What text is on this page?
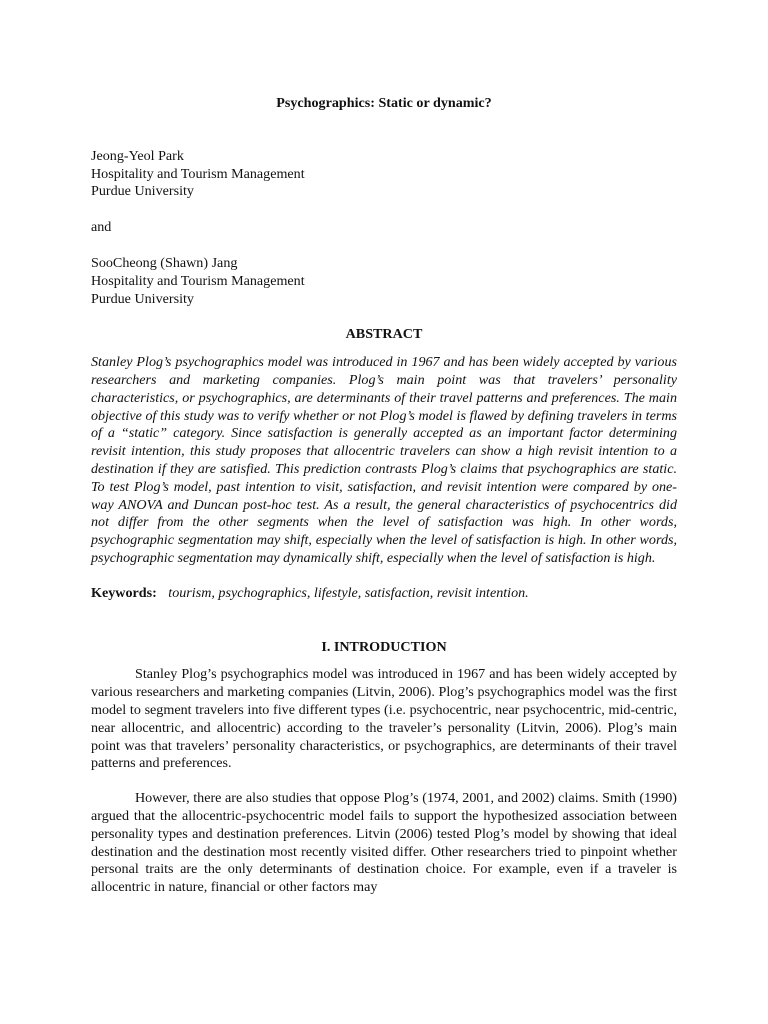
Psychographics: Static or dynamic?
Jeong-Yeol Park
Hospitality and Tourism Management
Purdue University
and
SooCheong (Shawn) Jang
Hospitality and Tourism Management
Purdue University
ABSTRACT
Stanley Plog’s psychographics model was introduced in 1967 and has been widely accepted by various researchers and marketing companies. Plog’s main point was that travelers’ personality characteristics, or psychographics, are determinants of their travel patterns and preferences. The main objective of this study was to verify whether or not Plog’s model is flawed by defining travelers in terms of a “static” category. Since satisfaction is generally accepted as an important factor determining revisit intention, this study proposes that allocentric travelers can show a high revisit intention to a destination if they are satisfied. This prediction contrasts Plog’s claims that psychographics are static. To test Plog’s model, past intention to visit, satisfaction, and revisit intention were compared by one-way ANOVA and Duncan post-hoc test. As a result, the general characteristics of psychocentrics did not differ from the other segments when the level of satisfaction was high. In other words, psychographic segmentation may shift, especially when the level of satisfaction is high. In other words, psychographic segmentation may dynamically shift, especially when the level of satisfaction is high.
Keywords: tourism, psychographics, lifestyle, satisfaction, revisit intention.
I. INTRODUCTION
Stanley Plog’s psychographics model was introduced in 1967 and has been widely accepted by various researchers and marketing companies (Litvin, 2006). Plog’s psychographics model was the first model to segment travelers into five different types (i.e. psychocentric, near psychocentric, mid-centric, near allocentric, and allocentric) according to the traveler’s personality (Litvin, 2006). Plog’s main point was that travelers’ personality characteristics, or psychographics, are determinants of their travel patterns and preferences.
However, there are also studies that oppose Plog’s (1974, 2001, and 2002) claims. Smith (1990) argued that the allocentric-psychocentric model fails to support the hypothesized association between personality types and destination preferences. Litvin (2006) tested Plog’s model by showing that ideal destination and the destination most recently visited differ. Other researchers tried to pinpoint whether personal traits are the only determinants of destination choice. For example, even if a traveler is allocentric in nature, financial or other factors may
